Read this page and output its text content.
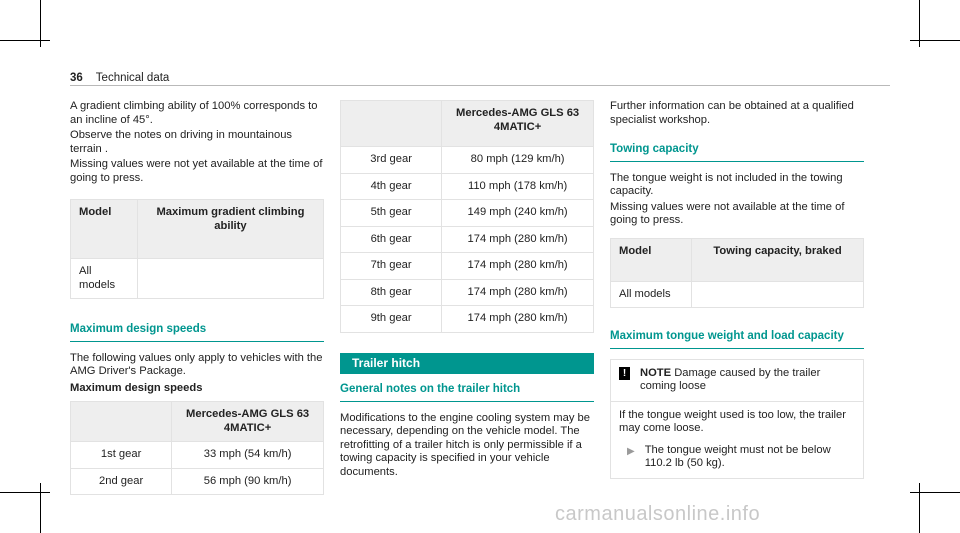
36 Technical data

A gradient climbing ability of 100% corresponds to an incline of 45°.

Observe the notes on driving in mountainous terrain .

Missing values were not yet available at the time of going to press.

Model	Maximum gradient climbing ability
All models	
Maximum design speeds

The following values only apply to vehicles with the AMG Driver's Package.

Maximum design speeds
	Mercedes-AMG GLS 63 4MATIC+
1st gear	33 mph (54 km/h)
2nd gear	56 mph (90 km/h)
	Mercedes-AMG GLS 63 4MATIC+
3rd gear	80 mph (129 km/h)
4th gear	110 mph (178 km/h)
5th gear	149 mph (240 km/h)
6th gear	174 mph (280 km/h)
7th gear	174 mph (280 km/h)
8th gear	174 mph (280 km/h)
9th gear	174 mph (280 km/h)
Trailer hitch
General notes on the trailer hitch

Modifications to the engine cooling system may be necessary, depending on the vehicle model. The retrofitting of a trailer hitch is only permissible if a towing capacity is specified in your vehicle documents.

Further information can be obtained at a qualified specialist workshop.

Towing capacity

The tongue weight is not included in the towing capacity.

Missing values were not available at the time of going to press.

Model	Towing capacity, braked
All models	
Maximum tongue weight and load capacity
!	NOTE Damage caused by the trailer coming loose
If the tongue weight used is too low, the trailer may come loose.
▶ The tongue weight must not be below 110.2 lb (50 kg).
carmanualsonline.info
